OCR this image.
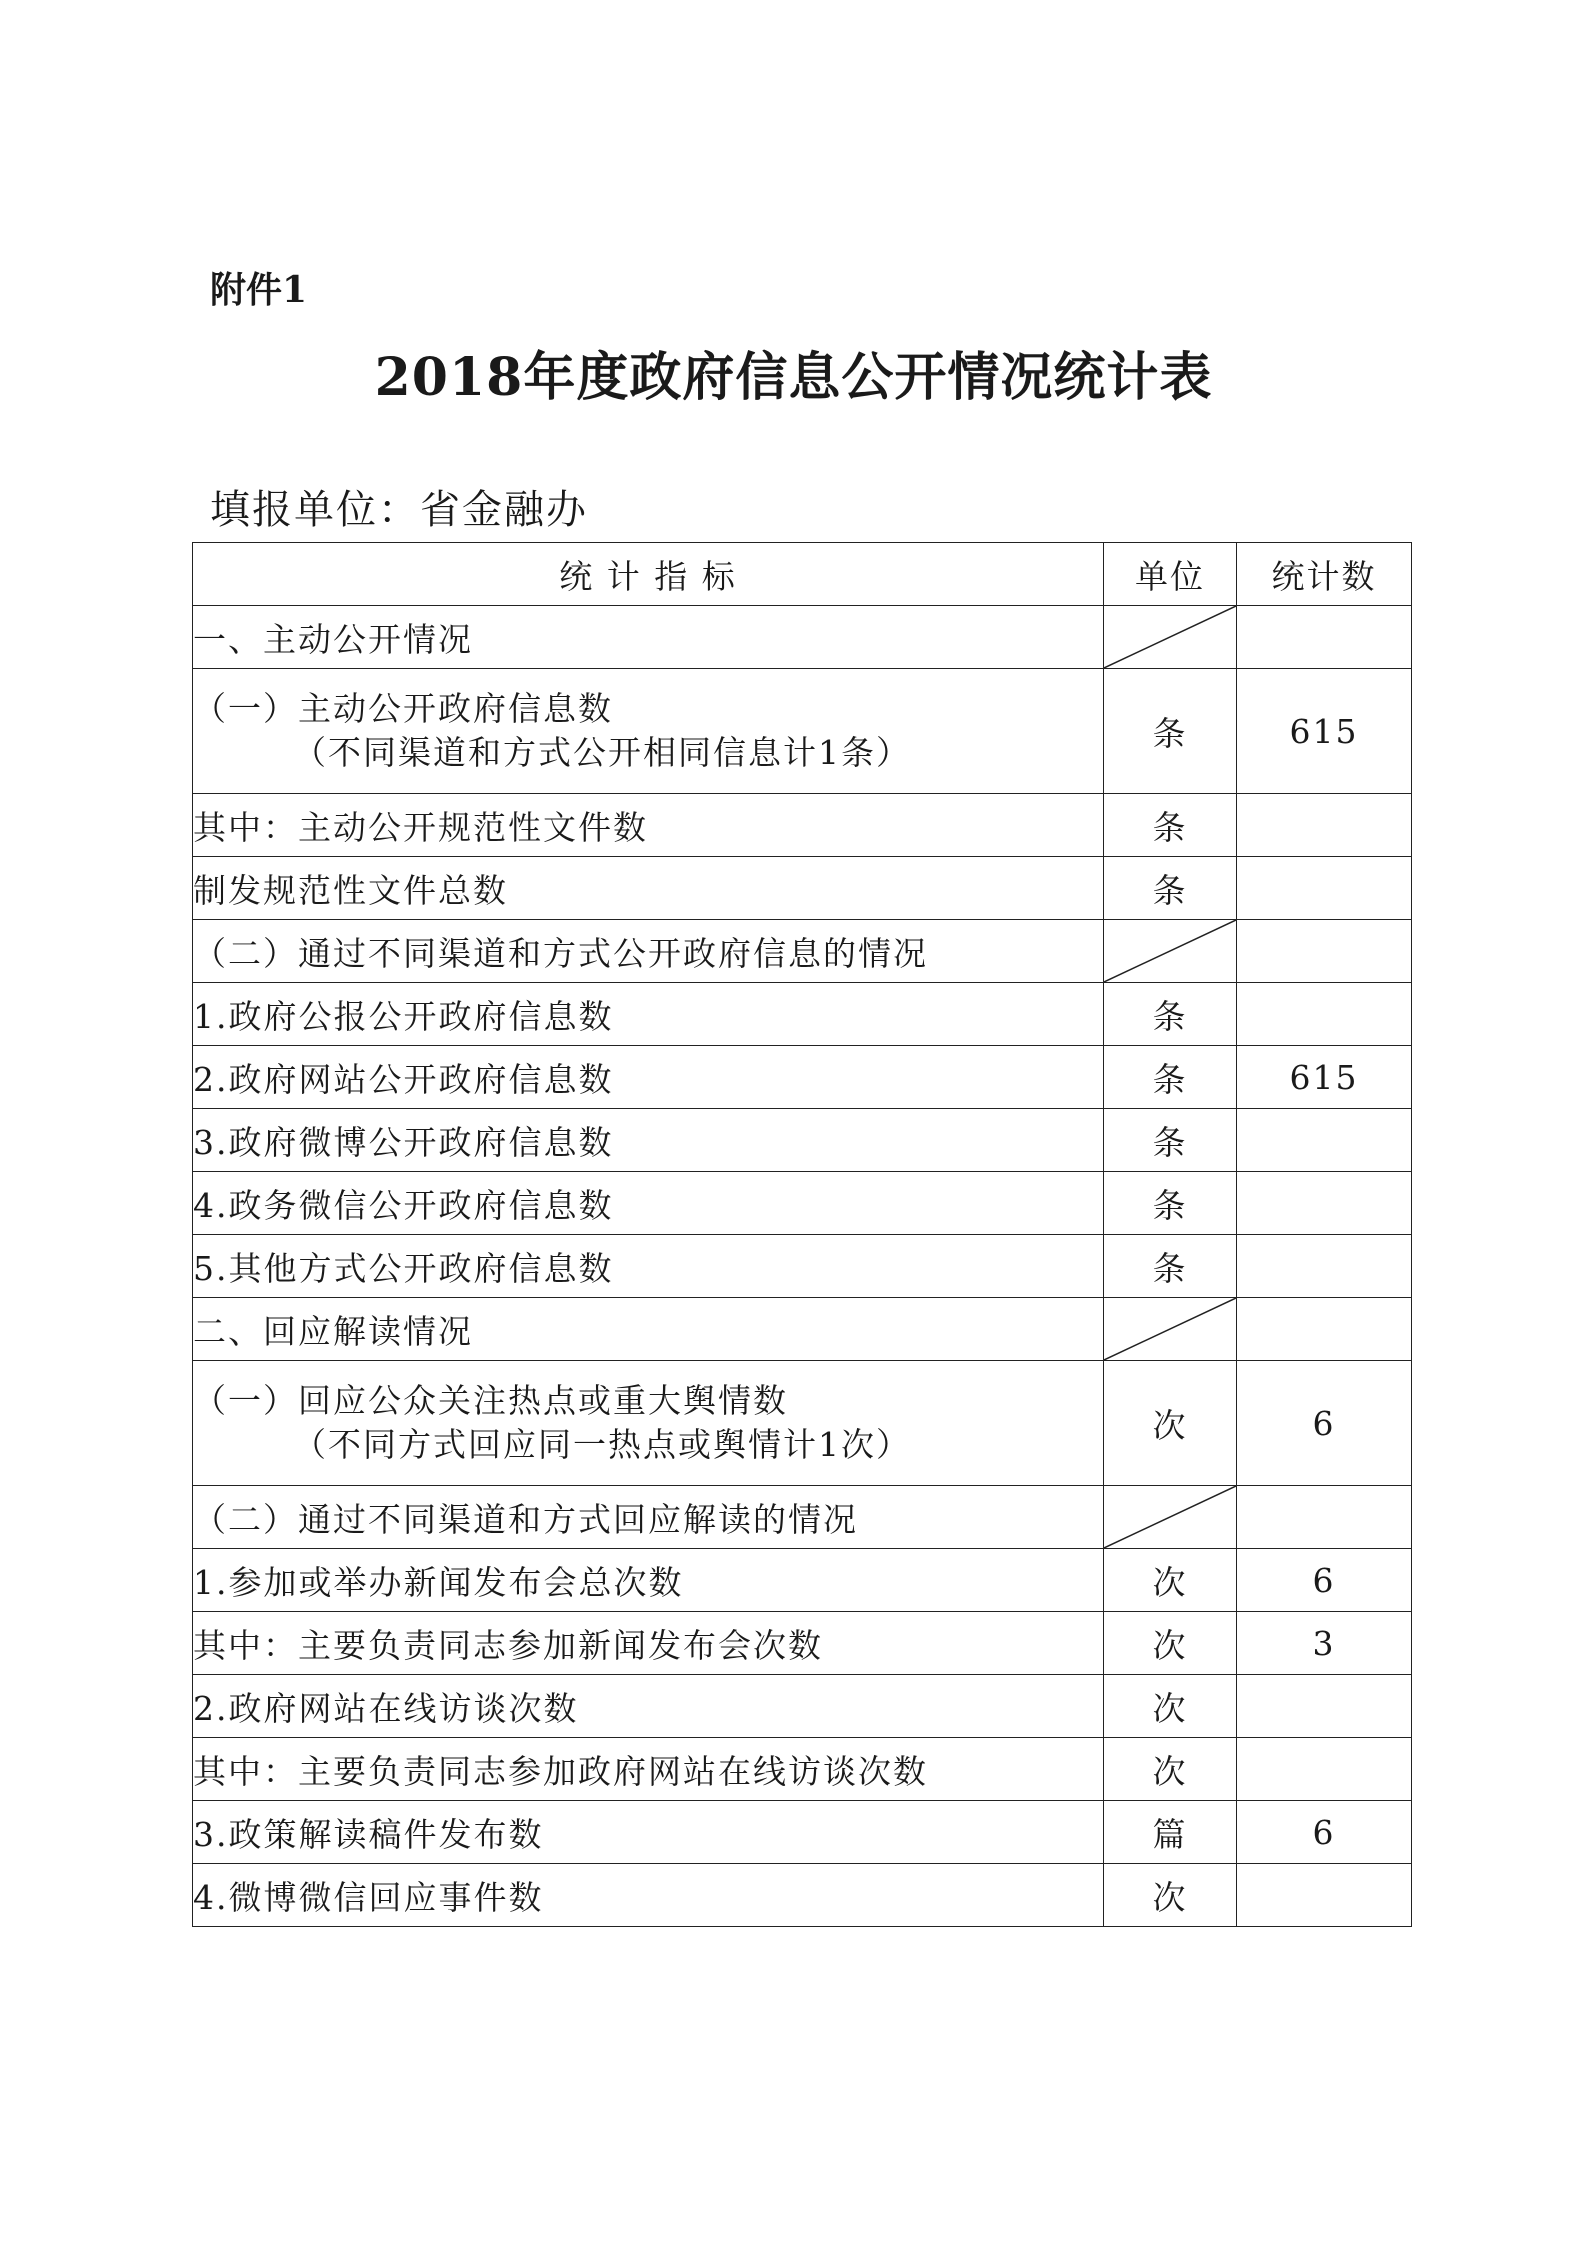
附件1
2018年度政府信息公开情况统计表
填报单位：省金融办
统 计 指 标	单位	统计数
一、主动公开情况	

（一）主动公开政府信息数
（不同渠道和方式公开相同信息计1条）	条	615
其中：主动公开规范性文件数	条	
制发规范性文件总数	条	
（二）通过不同渠道和方式公开政府信息的情况	

1.政府公报公开政府信息数	条	
2.政府网站公开政府信息数	条	615
3.政府微博公开政府信息数	条	
4.政务微信公开政府信息数	条	
5.其他方式公开政府信息数	条	
二、回应解读情况	

（一）回应公众关注热点或重大舆情数
（不同方式回应同一热点或舆情计1次）	次	6
（二）通过不同渠道和方式回应解读的情况	

1.参加或举办新闻发布会总次数	次	6
其中：主要负责同志参加新闻发布会次数	次	3
2.政府网站在线访谈次数	次	
其中：主要负责同志参加政府网站在线访谈次数	次	
3.政策解读稿件发布数	篇	6
4.微博微信回应事件数	次	
